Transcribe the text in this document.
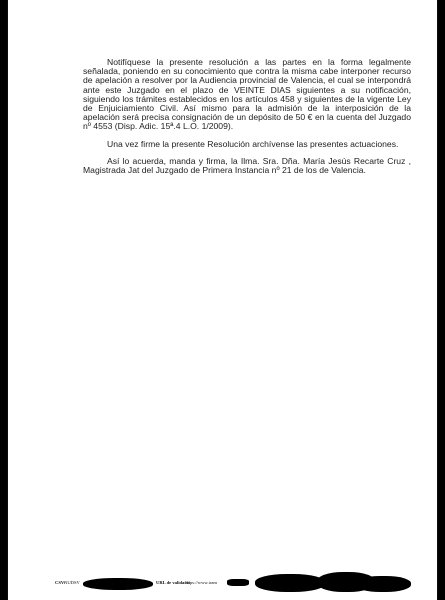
Notifíquese la presente resolución a las partes en la forma legalmente señalada, poniendo en su conocimiento que contra la misma cabe interponer recurso de apelación a resolver por la Audiencia provincial de Valencia, el cual se interpondrá ante este Juzgado en el plazo de VEINTE DIAS siguientes a su notificación, siguiendo los trámites establecidos en los artículos 458 y siguientes de la vigente Ley de Enjuiciamiento Civil. Así mismo para la admisión de la interposición de la apelación será precisa consignación de un depósito de 50 € en la cuenta del Juzgado nº 4553 (Disp. Adic. 15ª.4 L.O. 1/2009).

Una vez firme la presente Resolución archívense las presentes actuaciones.

Así lo acuerda, manda y firma, la Ilma. Sra. Dña. María Jesús Recarte Cruz , Magistrada Jat del Juzgado de Primera Instancia nº 21 de los de Valencia.

CSV:
NUDSV	URL de validació
https://www.tram
